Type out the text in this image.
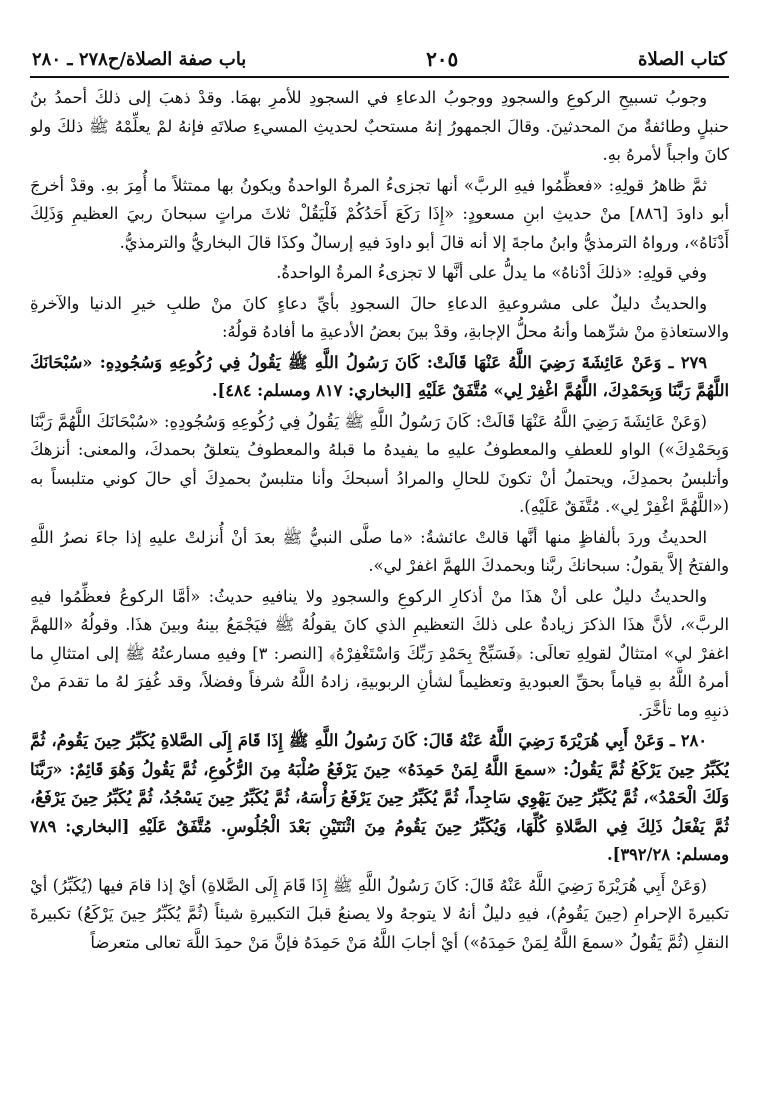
كتاب الصلاة
٢٠٥
باب صفة الصلاة/ح٢٧٨ ـ ٢٨٠

وجوبُ تسبيحِ الركوعِ والسجودِ ووجوبُ الدعاءِ في السجودِ للأمرِ بهمَا. وقدْ ذهبَ إلى ذلكَ أحمدُ بنُ حنبلٍ وطائفةٌ منَ المحدثينَ. وقالَ الجمهورُ إنهُ مستحبٌ لحديثِ المسيءِ صلاتَهِ فإنهُ لمْ يعلِّمْهُ ﷺ ذلكَ ولو كانَ واجباً لأمرهُ بهِ.

ثمَّ ظاهرُ قولِهِ: «فعظِّمُوا فيهِ الربَّ» أنها تجزىءُ المرةُ الواحدةُ ويكونُ بها ممتثلاً ما أُمِرَ بهِ. وقدْ أخرجَ أبو داودَ [٨٨٦] منْ حديثِ ابنِ مسعودٍ: «إِذَا رَكَعَ أَحَدُكُمْ فَلْيَقُلْ ثلاثَ مراتٍ سبحانَ ربيَ العظيمِ وَذَلِكَ أَدْنَاهُ»، ورواهُ الترمذيُّ وابنُ ماجةَ إلا أنه قالَ أبو داودَ فيهِ إرسالٌ وكذَا قالَ البخاريُّ والترمذيُّ.

وفي قولِهِ: «ذلكَ أدْناهُ» ما يدلُّ على أنَّها لا تجزىءُ المرةُ الواحدةُ.

والحديثُ دليلٌ على مشروعيةِ الدعاءِ حالَ السجودِ بأيِّ دعاءٍ كانَ منْ طلبِ خيرِ الدنيا والآخرةِ والاستعاذةِ منْ شرِّهما وأنهُ محلُّ الإجابةِ، وقدْ بينَ بعضُ الأدعيةِ ما أفادهُ قولُهُ:

٢٧٩ ـ وَعَنْ عَائِشَةَ رَضِيَ اللَّهُ عَنْهَا قَالَتْ: كَانَ رَسُولُ اللَّهِ ﷺ يَقُولُ فِي رُكُوعِهِ وَسُجُودِهِ: «سُبْحَانَكَ اللَّهُمَّ رَبَّنَا وَبِحَمْدِكَ، اللَّهُمَّ اغْفِرْ لِي» مُتَّفَقٌ عَلَيْهِ [البخاري: ٨١٧ ومسلم: ٤٨٤].

(وَعَنْ عَائِشَةَ رَضِيَ اللَّهُ عَنْهَا قَالَتْ: كَانَ رَسُولُ اللَّهِ ﷺ يَقُولُ فِي رُكُوعِهِ وَسُجُودِهِ: «سُبْحَانَكَ اللَّهُمَّ رَبَّنَا وَبِحَمْدِكَ») الواو للعطفِ والمعطوفُ عليهِ ما يفيدهُ ما قبلهُ والمعطوفُ يتعلقُ بحمدكَ، والمعنى: أنزهكَ وأتلبسُ بحمدِكَ، ويحتملُ أنْ تكونَ للحالِ والمرادُ أسبحكَ وأنا متلبسٌ بحمدِكَ أي حالَ كوني متلبساً به («اللَّهُمَّ اغْفِرْ لِي». مُتَّفَقٌ عَلَيْهِ).

الحديثُ وردَ بألفاظٍ منها أنَّها قالتْ عائشةُ: «ما صلَّى النبيُّ ﷺ بعدَ أنْ أُنزلتْ عليهِ إذا جاءَ نصرُ اللَّهِ والفتحُ إلاَّ يقولُ: سبحانكَ ربَّنا وبحمدكَ اللهمَّ اغفرْ لي».

والحديثُ دليلٌ على أنْ هذَا منْ أذكارِ الركوعِ والسجودِ ولا ينافيهِ حديثُ: «أمَّا الركوعُ فعظِّمُوا فيهِ الربَّ»، لأنَّ هذَا الذكرَ زيادةٌ على ذلكَ التعظيمِ الذي كانَ يقولُهُ ﷺ فيَجْمَعُ بينهُ وبينَ هذَا. وقولُهُ «اللهمَّ اغفرْ لي» امتثالٌ لقولِهِ تعالَى: ﴿فَسَبِّحْ بِحَمْدِ رَبِّكَ وَاسْتَغْفِرْهُ﴾ [النصر: ٣] وفيهِ مسارعتُهُ ﷺ إلى امتثالِ ما أمرهُ اللَّهُ بهِ قياماً بحقِّ العبوديةِ وتعظيماً لشأنِ الربوبيةِ، زادهُ اللَّهُ شرفاً وفضلاً، وقد غُفِرَ لهُ ما تقدمَ منْ ذنبِهِ وما تأخَّرَ.

٢٨٠ ـ وَعَنْ أَبِي هُرَيْرَةَ رَضِيَ اللَّهُ عَنْهُ قَالَ: كَانَ رَسُولُ اللَّهِ ﷺ إِذَا قَامَ إِلَى الصَّلاةِ يُكَبِّرُ حِينَ يَقُومُ، ثُمَّ يُكَبِّرُ حِينَ يَرْكَعُ ثُمَّ يَقُولُ: «سمعَ اللَّهُ لِمَنْ حَمِدَهُ» حِينَ يَرْفَعُ صُلْبَهُ مِنَ الرُّكُوعِ، ثُمَّ يَقُولُ وَهُوَ قَائِمٌ: «رَبَّنَا وَلَكَ الْحَمْدُ»، ثُمَّ يُكَبِّرُ حِينَ يَهْوِي سَاجِداً، ثُمَّ يُكَبِّرُ حِينَ يَرْفَعُ رَأْسَهُ، ثُمَّ يُكَبِّرُ حِينَ يَسْجُدُ، ثُمَّ يُكَبِّرُ حِينَ يَرْفَعُ، ثُمَّ يَفْعَلُ ذَلِكَ فِي الصَّلاةِ كُلِّهَا، وَيُكَبِّرُ حِينَ يَقُومُ مِنَ اثْنَتَيْنِ بَعْدَ الْجُلُوسِ. مُتَّفَقٌ عَلَيْهِ [البخاري: ٧٨٩ ومسلم: ٣٩٢/٢٨].

(وَعَنْ أَبِي هُرَيْرَةَ رَضِيَ اللَّهُ عَنْهُ قَالَ: كَانَ رَسُولُ اللَّهِ ﷺ إِذَا قَامَ إِلَى الصَّلاةِ) أيْ إذا قامَ فيها (يُكَبِّرُ) أيْ تكبيرةَ الإحرامِ (حِينَ يَقُومُ)، فيهِ دليلٌ أنهُ لا يتوجهُ ولا يصنعُ قبلَ التكبيرةِ شيئاً (ثُمَّ يُكَبِّرُ حِينَ يَرْكَعُ) تكبيرةَ النقلِ (ثُمَّ يَقُولُ «سمعَ اللَّهُ لِمَنْ حَمِدَهُ») أيْ أجابَ اللَّهُ مَنْ حَمِدَهُ فإنَّ مَنْ حمِدَ اللَّهَ تعالى متعرضاً
